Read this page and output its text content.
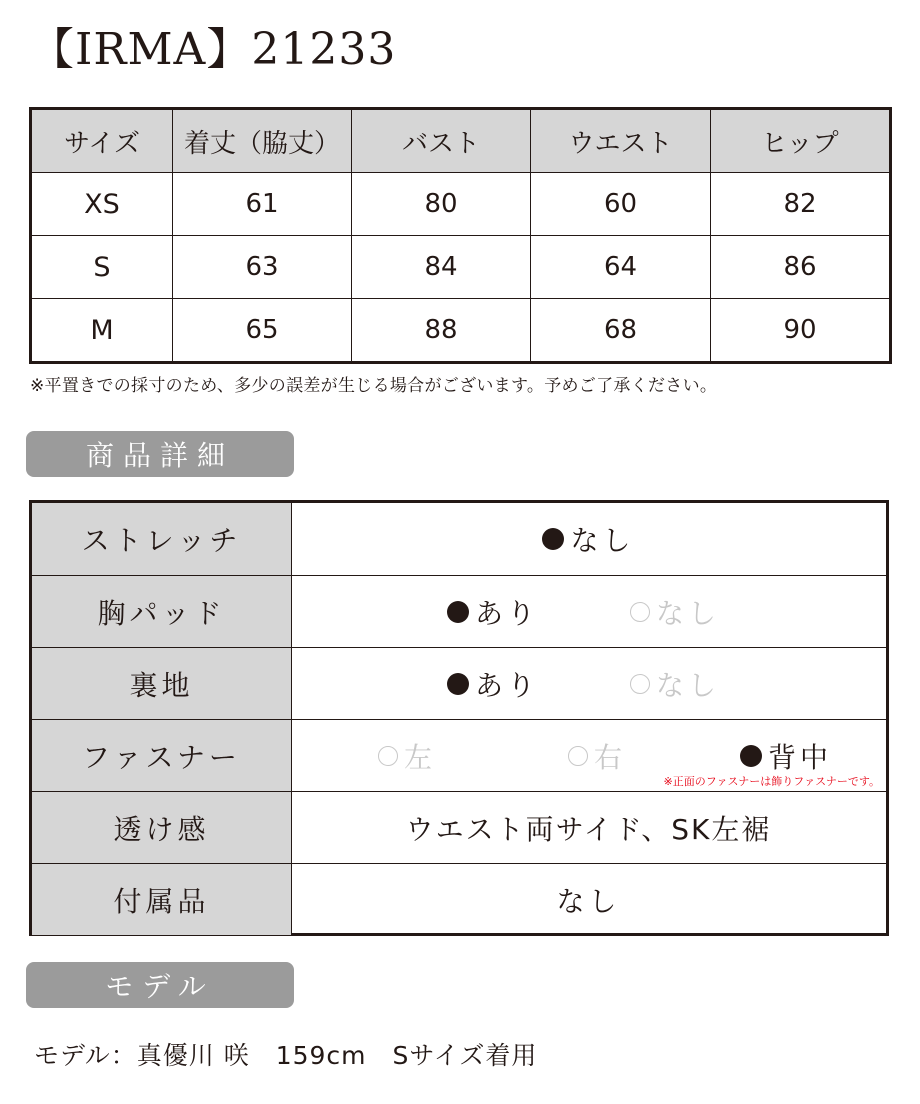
【IRMA】21233
サイズ	着丈（脇丈）	バスト	ウエスト	ヒップ
XS	61	80	60	82
S	63	84	64	86
M	65	88	68	90
※平置きでの採寸のため、多少の誤差が生じる場合がございます。予めご了承ください。
商品詳細
ストレッチ	なし
胸パッド	あり	なし
裏地	あり	なし
ファスナー	左	右	背中
※正面のファスナーは飾りファスナーです。
透け感	ウエスト両サイド、SK左裾
付属品	なし
モデル
モデル：真優川 咲　159cm　Sサイズ着用
